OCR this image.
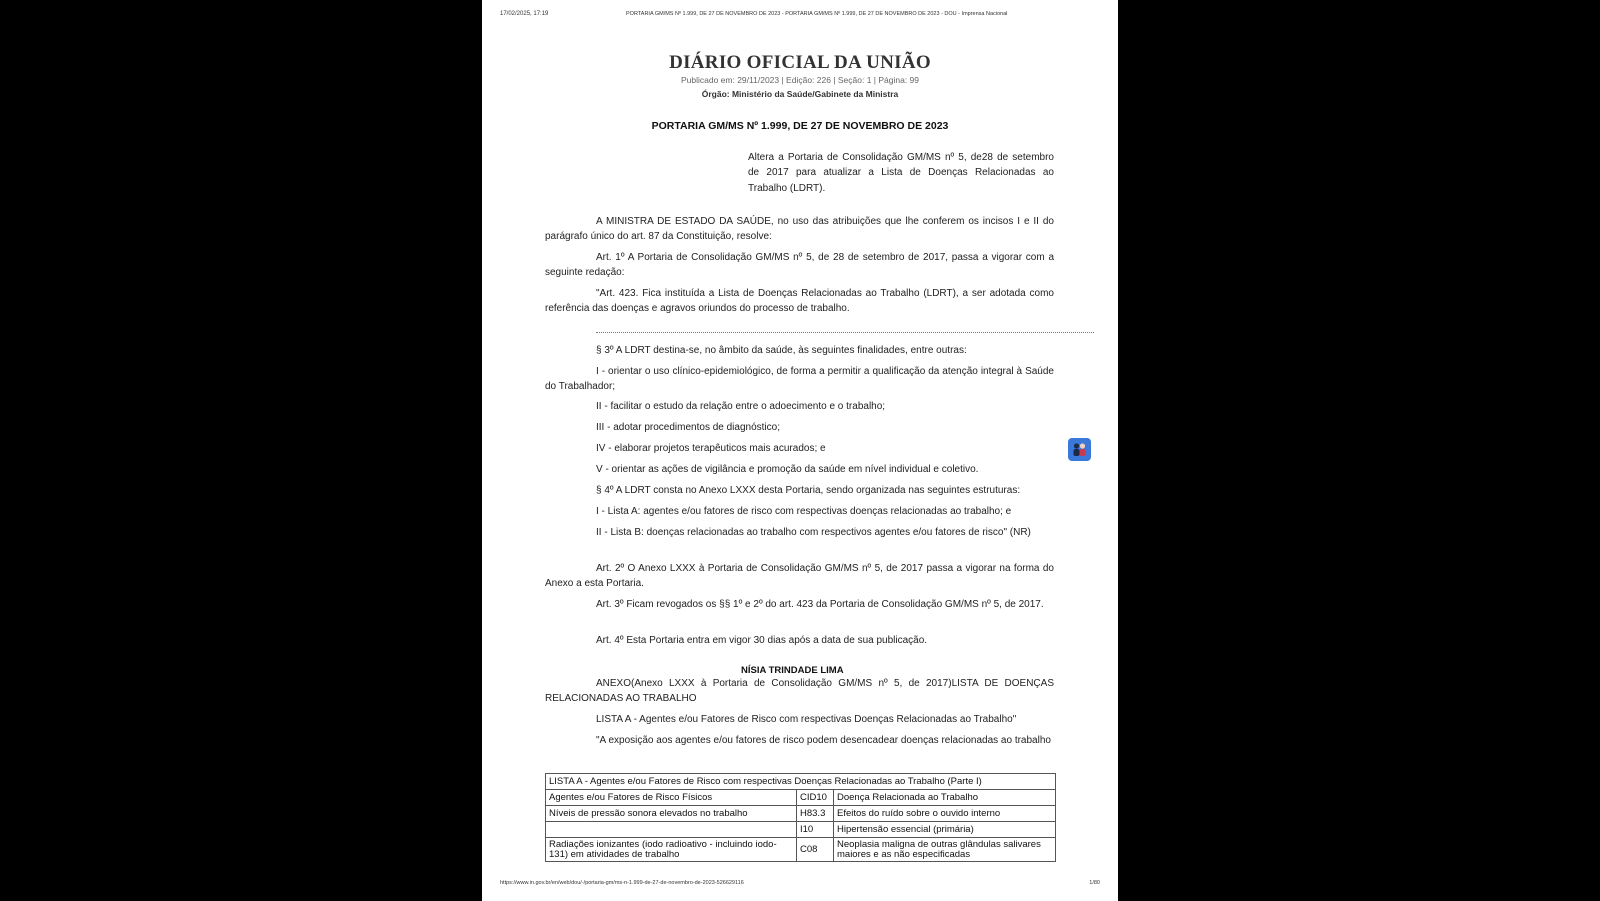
17/02/2025, 17:19	PORTARIA GM/MS Nº 1.999, DE 27 DE NOVEMBRO DE 2023 - PORTARIA GM/MS Nº 1.999, DE 27 DE NOVEMBRO DE 2023 - DOU - Imprensa Nacional
DIÁRIO OFICIAL DA UNIÃO
Publicado em: 29/11/2023 | Edição: 226 | Seção: 1 | Página: 99
Órgão: Ministério da Saúde/Gabinete da Ministra
PORTARIA GM/MS Nº 1.999, DE 27 DE NOVEMBRO DE 2023
Altera a Portaria de Consolidação GM/MS nº 5, de28 de setembro de 2017 para atualizar a Lista de Doenças Relacionadas ao Trabalho (LDRT).

A MINISTRA DE ESTADO DA SAÚDE, no uso das atribuições que lhe conferem os incisos I e II do parágrafo único do art. 87 da Constituição, resolve:

Art. 1º A Portaria de Consolidação GM/MS nº 5, de 28 de setembro de 2017, passa a vigorar com a seguinte redação:

"Art. 423. Fica instituída a Lista de Doenças Relacionadas ao Trabalho (LDRT), a ser adotada como referência das doenças e agravos oriundos do processo de trabalho.

§ 3º A LDRT destina-se, no âmbito da saúde, às seguintes finalidades, entre outras:

I - orientar o uso clínico-epidemiológico, de forma a permitir a qualificação da atenção integral à Saúde do Trabalhador;

II - facilitar o estudo da relação entre o adoecimento e o trabalho;

III - adotar procedimentos de diagnóstico;

IV - elaborar projetos terapêuticos mais acurados; e

V - orientar as ações de vigilância e promoção da saúde em nível individual e coletivo.

§ 4º A LDRT consta no Anexo LXXX desta Portaria, sendo organizada nas seguintes estruturas:

I - Lista A: agentes e/ou fatores de risco com respectivas doenças relacionadas ao trabalho; e

II - Lista B: doenças relacionadas ao trabalho com respectivos agentes e/ou fatores de risco" (NR)

Art. 2º O Anexo LXXX à Portaria de Consolidação GM/MS nº 5, de 2017 passa a vigorar na forma do Anexo a esta Portaria.

Art. 3º Ficam revogados os §§ 1º e 2º do art. 423 da Portaria de Consolidação GM/MS nº 5, de 2017.

Art. 4º Esta Portaria entra em vigor 30 dias após a data de sua publicação.

ANEXO(Anexo LXXX à Portaria de Consolidação GM/MS nº 5, de 2017)LISTA DE DOENÇAS RELACIONADAS AO TRABALHO

LISTA A - Agentes e/ou Fatores de Risco com respectivas Doenças Relacionadas ao Trabalho"

"A exposição aos agentes e/ou fatores de risco podem desencadear doenças relacionadas ao trabalho

NÍSIA TRINDADE LIMA
LISTA A - Agentes e/ou Fatores de Risco com respectivas Doenças Relacionadas ao Trabalho (Parte I)		
Agentes e/ou Fatores de Risco Físicos	CID10	Doença Relacionada ao Trabalho
Níveis de pressão sonora elevados no trabalho	H83.3	Efeitos do ruído sobre o ouvido interno
	I10	Hipertensão essencial (primária)
Radiações ionizantes (iodo radioativo - incluindo iodo-131) em atividades de trabalho	C08	Neoplasia maligna de outras glândulas salivares maiores e as não especificadas
https://www.in.gov.br/en/web/dou/-/portaria-gm/ms-n-1.999-de-27-de-novembro-de-2023-526629116	1/80
